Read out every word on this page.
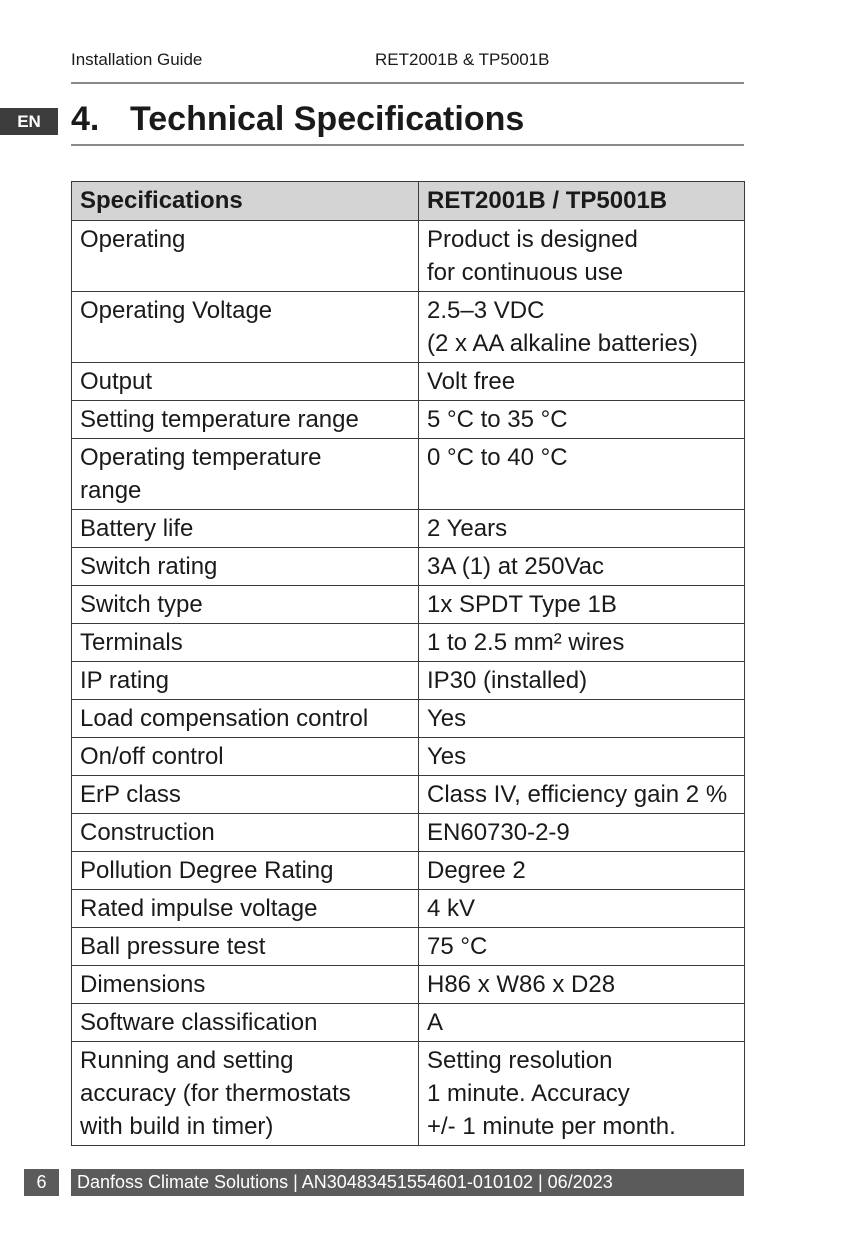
Installation Guide	RET2001B & TP5001B
EN 4. Technical Specifications
Specifications	RET2001B / TP5001B

Operating	Product is designed
for continuous use

Operating Voltage	2.5–3 VDC
(2 x AA alkaline batteries)

Output	Volt free

Setting temperature range	5 °C to 35 °C

Operating temperature
range	0 °C to 40 °C

Battery life	2 Years

Switch rating	3A (1) at 250Vac

Switch type	1x SPDT Type 1B

Terminals	1 to 2.5 mm² wires

IP rating	IP30 (installed)

Load compensation control	Yes

On/off control	Yes

ErP class	Class IV, efficiency gain 2 %

Construction	EN60730-2-9

Pollution Degree Rating	Degree 2

Rated impulse voltage	4 kV

Ball pressure test	75 °C

Dimensions	H86 x W86 x D28

Software classification	A

Running and setting
accuracy (for thermostats
with build in timer)	Setting resolution
1 minute. Accuracy
+/- 1 minute per month.
6	Danfoss Climate Solutions | AN30483451554601-010102 | 06/2023
